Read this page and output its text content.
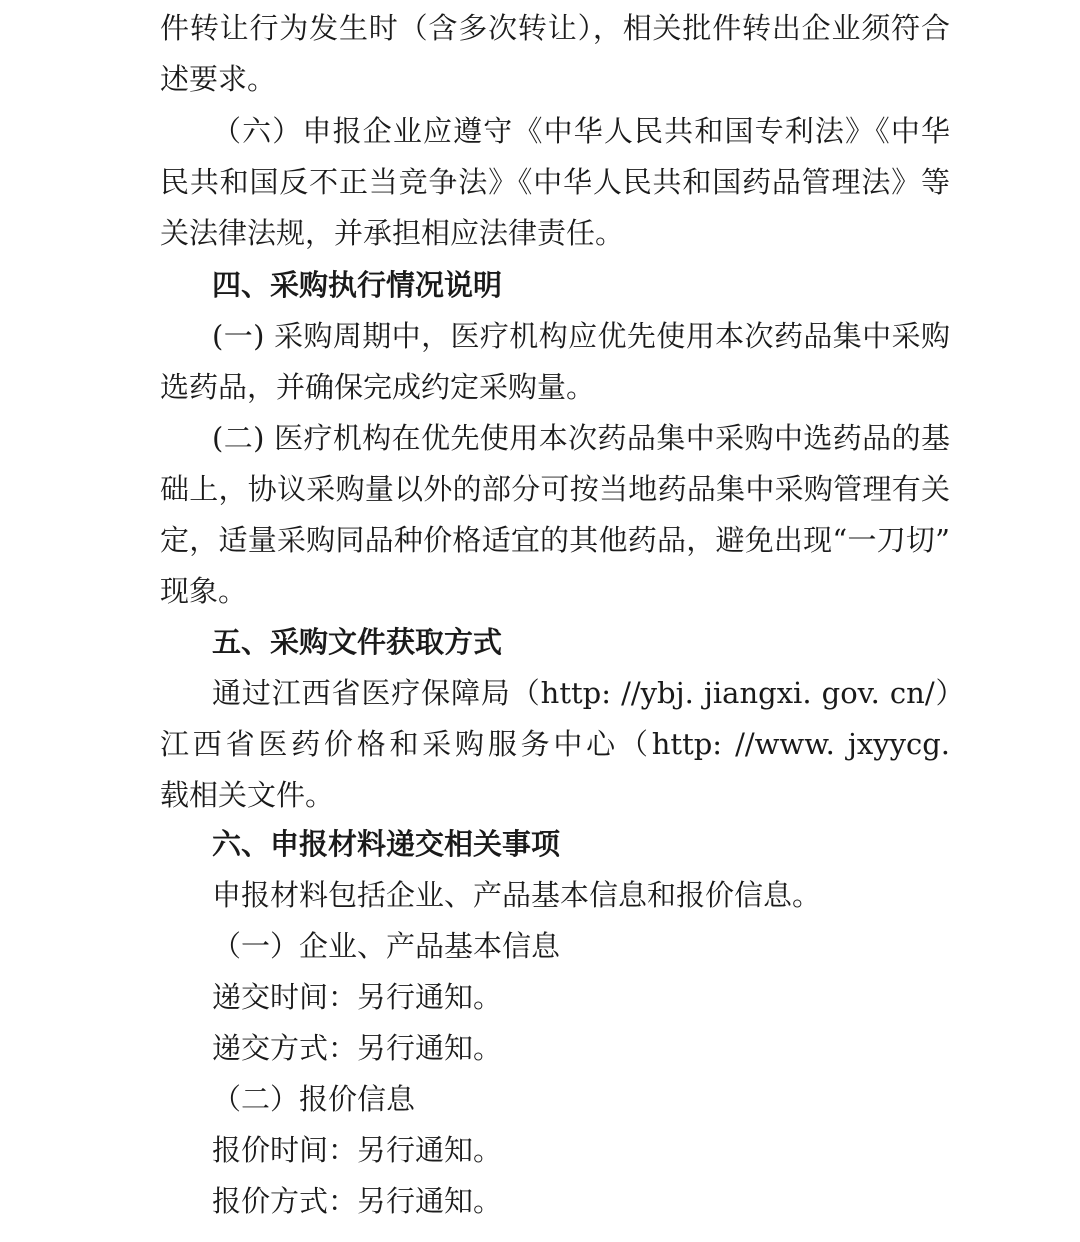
件转让行为发生时（含多次转让），相关批件转出企业须符合
述要求。
（六）申报企业应遵守《中华人民共和国专利法》《中华
民共和国反不正当竞争法》《中华人民共和国药品管理法》等
关法律法规，并承担相应法律责任。
四、采购执行情况说明
(一) 采购周期中，医疗机构应优先使用本次药品集中采购
选药品，并确保完成约定采购量。
(二) 医疗机构在优先使用本次药品集中采购中选药品的基
础上，协议采购量以外的部分可按当地药品集中采购管理有关
定，适量采购同品种价格适宜的其他药品，避免出现“一刀切”
现象。
五、采购文件获取方式
通过江西省医疗保障局（http: //ybj. jiangxi. gov. cn/）
江西省医药价格和采购服务中心（http: //www. jxyycg.
载相关文件。
六、申报材料递交相关事项
申报材料包括企业、产品基本信息和报价信息。
（一）企业、产品基本信息
递交时间：另行通知。
递交方式：另行通知。
（二）报价信息
报价时间：另行通知。
报价方式：另行通知。
